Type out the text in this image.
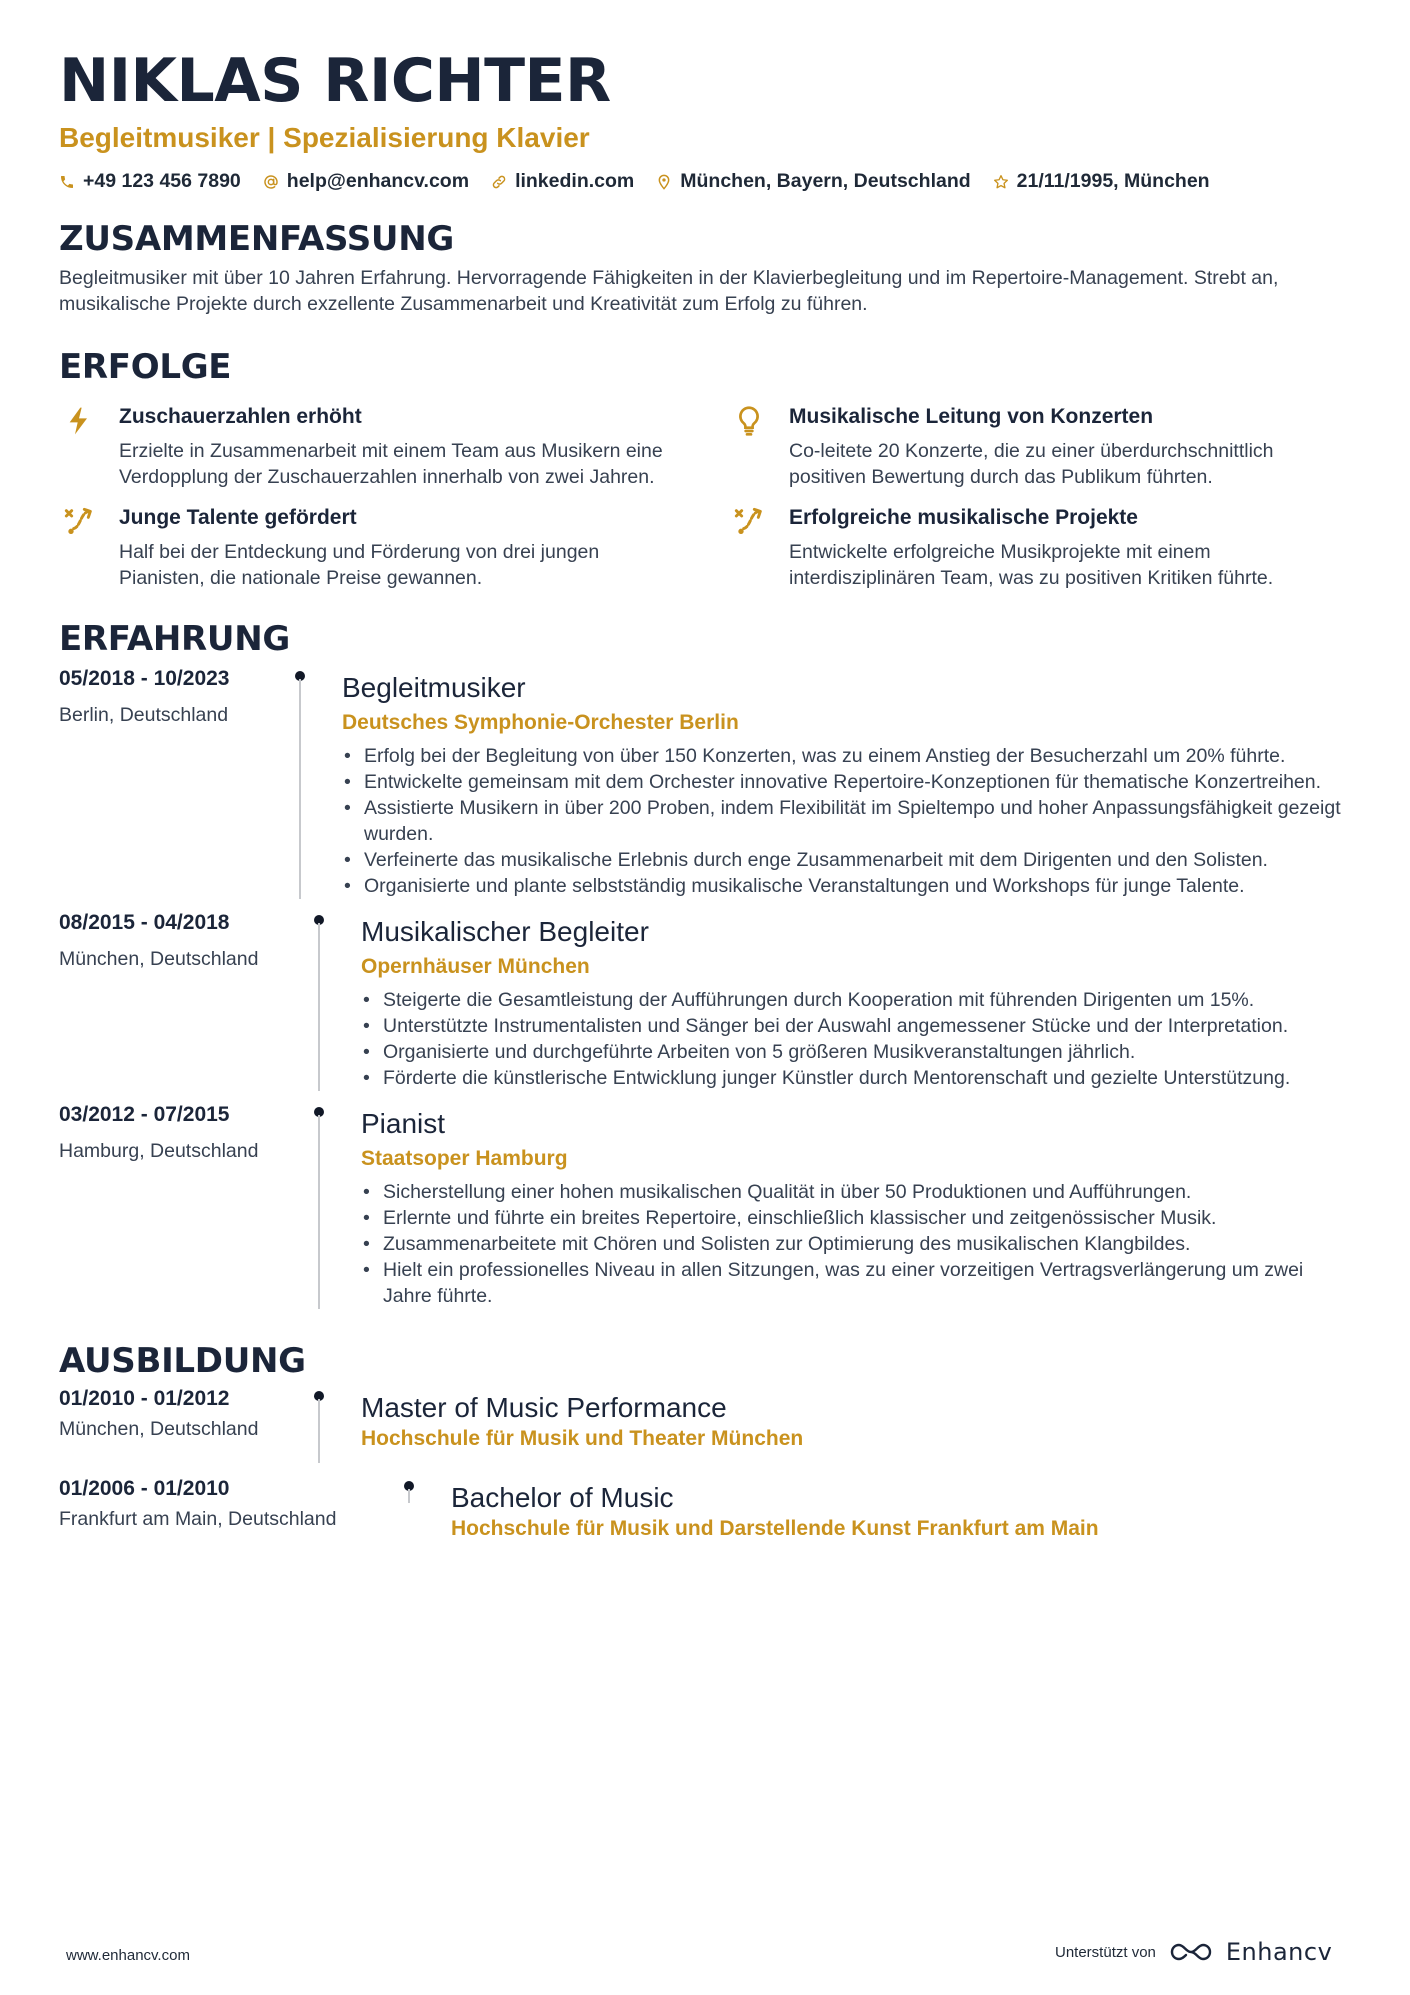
NIKLAS RICHTER
Begleitmusiker | Spezialisierung Klavier
+49 123 456 7890 help@enhancv.com linkedin.com München, Bayern, Deutschland 21/11/1995, München
ZUSAMMENFASSUNG
Begleitmusiker mit über 10 Jahren Erfahrung. Hervorragende Fähigkeiten in der Klavierbegleitung und im Repertoire-Management. Strebt an, musikalische Projekte durch exzellente Zusammenarbeit und Kreativität zum Erfolg zu führen.
ERFOLGE
Zuschauerzahlen erhöht
Erzielte in Zusammenarbeit mit einem Team aus Musikern eine Verdopplung der Zuschauerzahlen innerhalb von zwei Jahren.
Musikalische Leitung von Konzerten
Co-leitete 20 Konzerte, die zu einer überdurchschnittlich positiven Bewertung durch das Publikum führten.
Junge Talente gefördert
Half bei der Entdeckung und Förderung von drei jungen Pianisten, die nationale Preise gewannen.
Erfolgreiche musikalische Projekte
Entwickelte erfolgreiche Musikprojekte mit einem interdisziplinären Team, was zu positiven Kritiken führte.
ERFAHRUNG
05/2018 - 10/2023
Berlin, Deutschland
Begleitmusiker
Deutsches Symphonie-Orchester Berlin
• Erfolg bei der Begleitung von über 150 Konzerten, was zu einem Anstieg der Besucherzahl um 20% führte.
• Entwickelte gemeinsam mit dem Orchester innovative Repertoire-Konzeptionen für thematische Konzertreihen.
• Assistierte Musikern in über 200 Proben, indem Flexibilität im Spieltempo und hoher Anpassungsfähigkeit gezeigt wurden.
• Verfeinerte das musikalische Erlebnis durch enge Zusammenarbeit mit dem Dirigenten und den Solisten.
• Organisierte und plante selbstständig musikalische Veranstaltungen und Workshops für junge Talente.
08/2015 - 04/2018
München, Deutschland
Musikalischer Begleiter
Opernhäuser München
• Steigerte die Gesamtleistung der Aufführungen durch Kooperation mit führenden Dirigenten um 15%.
• Unterstützte Instrumentalisten und Sänger bei der Auswahl angemessener Stücke und der Interpretation.
• Organisierte und durchgeführte Arbeiten von 5 größeren Musikveranstaltungen jährlich.
• Förderte die künstlerische Entwicklung junger Künstler durch Mentorenschaft und gezielte Unterstützung.
03/2012 - 07/2015
Hamburg, Deutschland
Pianist
Staatsoper Hamburg
• Sicherstellung einer hohen musikalischen Qualität in über 50 Produktionen und Aufführungen.
• Erlernte und führte ein breites Repertoire, einschließlich klassischer und zeitgenössischer Musik.
• Zusammenarbeitete mit Chören und Solisten zur Optimierung des musikalischen Klangbildes.
• Hielt ein professionelles Niveau in allen Sitzungen, was zu einer vorzeitigen Vertragsverlängerung um zwei Jahre führte.
AUSBILDUNG
01/2010 - 01/2012
München, Deutschland
Master of Music Performance
Hochschule für Musik und Theater München
01/2006 - 01/2010
Frankfurt am Main, Deutschland
Bachelor of Music
Hochschule für Musik und Darstellende Kunst Frankfurt am Main
www.enhancv.com	Unterstützt von	Enhancv
